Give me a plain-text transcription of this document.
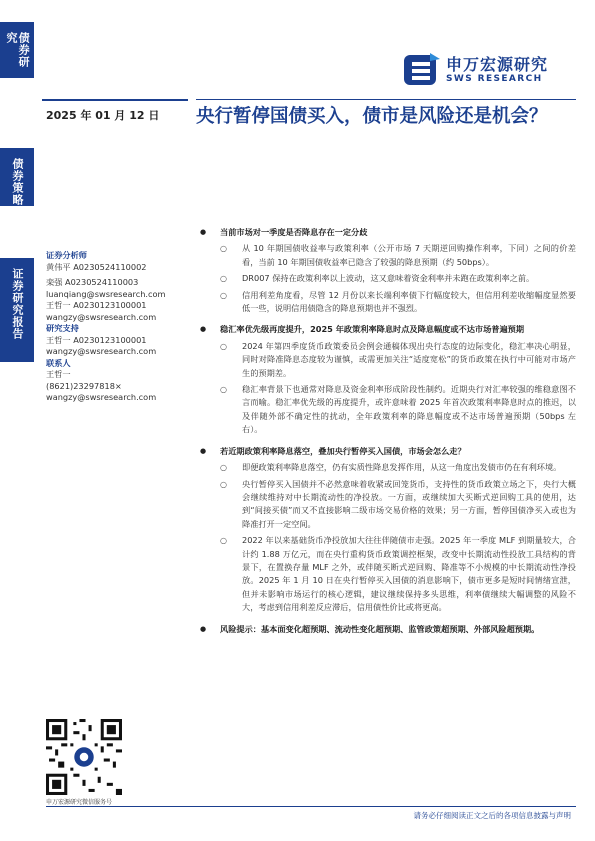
债券研究
债券策略
证券研究报告
申万宏源研究
SWS RESEARCH
2025 年 01 月 12 日 央行暂停国债买入，债市是风险还是机会？
证券分析师
黄伟平 A0230524110002
栾强 A0230524110003
luanqiang@swsresearch.com
王哲一 A0230123100001
wangzy@swsresearch.com
研究支持
王哲一 A0230123100001
wangzy@swsresearch.com
联系人
王哲一
(8621)23297818×
wangzy@swsresearch.com
● 当前市场对一季度是否降息存在一定分歧
○ 从 10 年期国债收益率与政策利率（公开市场 7 天期逆回购操作利率，下同）之间的价差看，当前 10 年期国债收益率已隐含了较强的降息预期（约 50bps）。
○ DR007 保持在政策利率以上波动，这又意味着资金利率并未跑在政策利率之前。
○ 信用利差角度看，尽管 12 月份以来长端利率债下行幅度较大，但信用利差收缩幅度显然要低一些，说明信用债隐含的降息预期也并不强烈。
● 稳汇率优先级再度提升，2025 年政策利率降息时点及降息幅度或不达市场普遍预期
○ 2024 年第四季度货币政策委员会例会通稿体现出央行态度的边际变化，稳汇率决心明显，同时对降准降息态度较为谨慎，或需更加关注“适度宽松”的货币政策在执行中可能对市场产生的预期差。
○ 稳汇率背景下也通常对降息及资金利率形成阶段性制约。近期央行对汇率较强的维稳意图不言而喻。稳汇率优先级的再度提升，或许意味着 2025 年首次政策利率降息时点的推迟，以及伴随外部不确定性的扰动，全年政策利率的降息幅度或不达市场普遍预期（50bps 左右）。
● 若近期政策利率降息落空，叠加央行暂停买入国债，市场会怎么走？
○ 即便政策利率降息落空，仍有实质性降息发挥作用，从这一角度出发债市仍在有利环境。
○ 央行暂停买入国债并不必然意味着收紧或回笼货币，支持性的货币政策立场之下，央行大概会继续维持对中长期流动性的净投放。一方面，或继续加大买断式逆回购工具的使用，达到“间接买债”而又不直接影响二级市场交易价格的效果；另一方面，暂停国债净买入或也为降准打开一定空间。
○ 2022 年以来基础货币净投放加大往往伴随债市走强。2025 年一季度 MLF 到期量较大，合计约 1.88 万亿元，而在央行重构货币政策调控框架，改变中长期流动性投放工具结构的背景下，在置换存量 MLF 之外，或伴随买断式逆回购、降准等不小规模的中长期流动性净投放。2025 年 1 月 10 日在央行暂停买入国债的消息影响下，债市更多是短时间情绪宣泄，但并未影响市场运行的核心逻辑，建议继续保持多头思维，利率债继续大幅调整的风险不大，考虑到信用利差反应滞后，信用债性价比或将更高。
● 风险提示：基本面变化超预期、流动性变化超预期、监管政策超预期、外部风险超预期。
申万宏源研究微信服务号
请务必仔细阅读正文之后的各项信息披露与声明
